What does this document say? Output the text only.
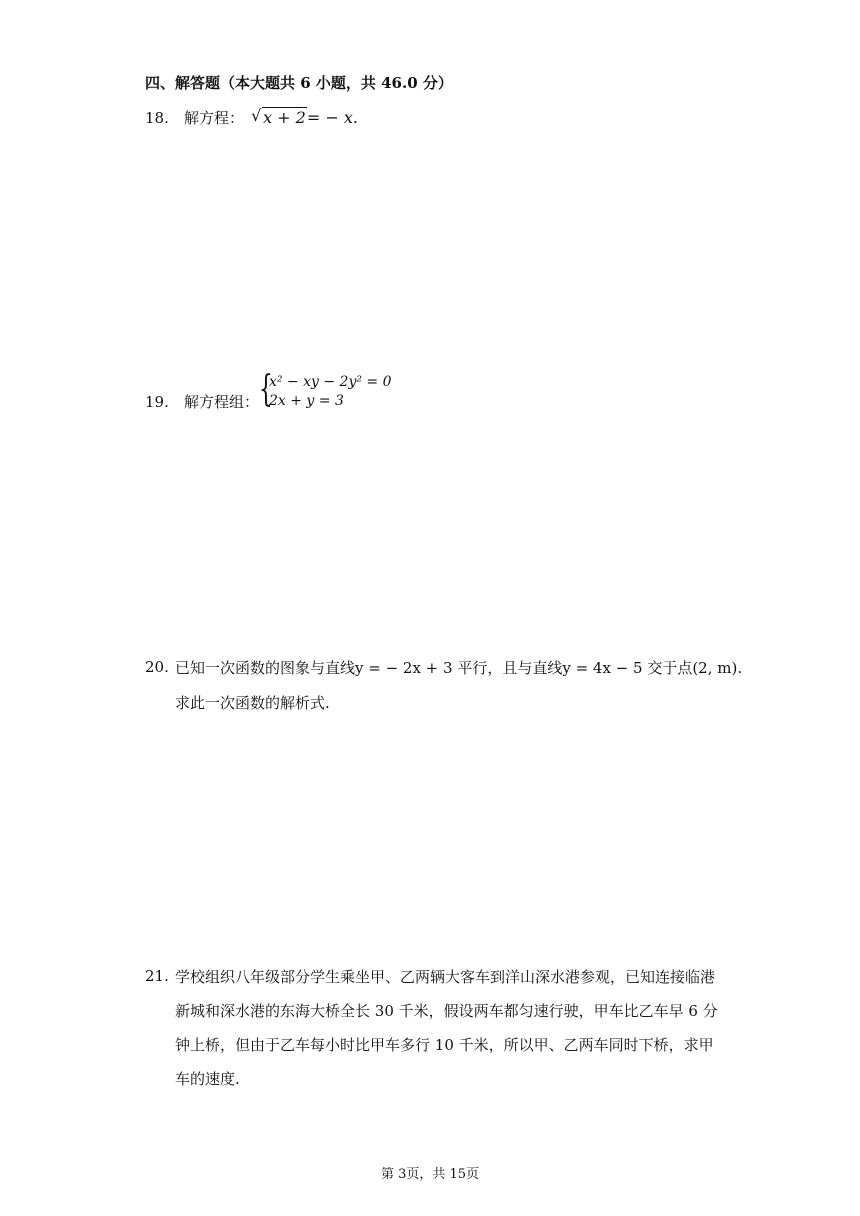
四、解答题（本大题共 6 小题，共 46.0 分）
18. 解方程： √ x + 2= − x.
19. 解方程组： {
x² − xy − 2y² = 0
2x + y = 3
20. 已知一次函数的图象与直线y = − 2x + 3 平行，且与直线y = 4x − 5 交于点(2, m).
求此一次函数的解析式.
21. 学校组织八年级部分学生乘坐甲、乙两辆大客车到洋山深水港参观，已知连接临港
新城和深水港的东海大桥全长 30 千米，假设两车都匀速行驶，甲车比乙车早 6 分
钟上桥，但由于乙车每小时比甲车多行 10 千米，所以甲、乙两车同时下桥，求甲
车的速度.
第 3页，共 15页
